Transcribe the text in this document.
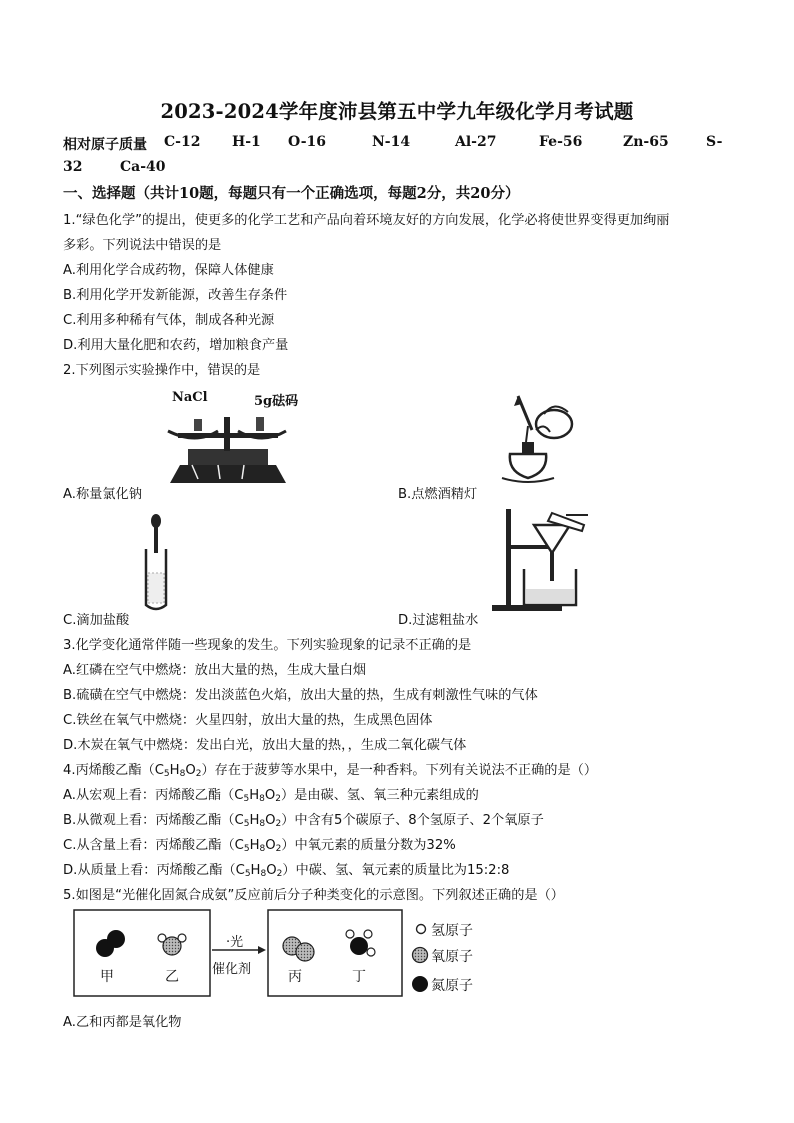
2023-2024学年度沛县第五中学九年级化学月考试题
相对原子质量 C-12 H-1 O-16	N-14	Al-27	Fe-56	Zn-65	S-
32	Ca-40
一、选择题（共计10题，每题只有一个正确选项，每题2分，共20分）
1.“绿色化学”的提出，使更多的化学工艺和产品向着环境友好的方向发展，化学必将使世界变得更加绚丽
多彩。下列说法中错误的是
A.利用化学合成药物，保障人体健康
B.利用化学开发新能源，改善生存条件
C.利用多种稀有气体，制成各种光源
D.利用大量化肥和农药，增加粮食产量
2.下列图示实验操作中，错误的是
NaCl	5g砝码
A.称量氯化钠	B.点燃酒精灯
C.滴加盐酸	D.过滤粗盐水
3.化学变化通常伴随一些现象的发生。下列实验现象的记录不正确的是
A.红磷在空气中燃烧：放出大量的热，生成大量白烟
B.硫磺在空气中燃烧：发出淡蓝色火焰，放出大量的热，生成有刺激性气味的气体
C.铁丝在氧气中燃烧：火星四射，放出大量的热，生成黑色固体
D.木炭在氧气中燃烧：发出白光，放出大量的热，，生成二氧化碳气体
4.丙烯酸乙酯$(C_5H_8O_2)$存在于菠萝等水果中，是一种香料。下列有关说法不正确的是（）
A.从宏观上看：丙烯酸乙酯$(C_5H_8O_2)$是由碳、氢、氧三种元素组成的
B.从微观上看：丙烯酸乙酯$(C_5H_8O_2)$中含有5个碳原子、8个氢原子、2个氧原子
C.从含量上看：丙烯酸乙酯$(C_5H_8O_2)$中氧元素的质量分数为32%
D.从质量上看：丙烯酸乙酯$(C_5H_8O_2)$中碳、氢、氧元素的质量比为15:2:8
5.如图是“光催化固氮合成氨”反应前后分子种类变化的示意图。下列叙述正确的是（）
甲	乙	丙	丁
·光
催化剂
氢原子
氧原子
氮原子
A.乙和丙都是氧化物
